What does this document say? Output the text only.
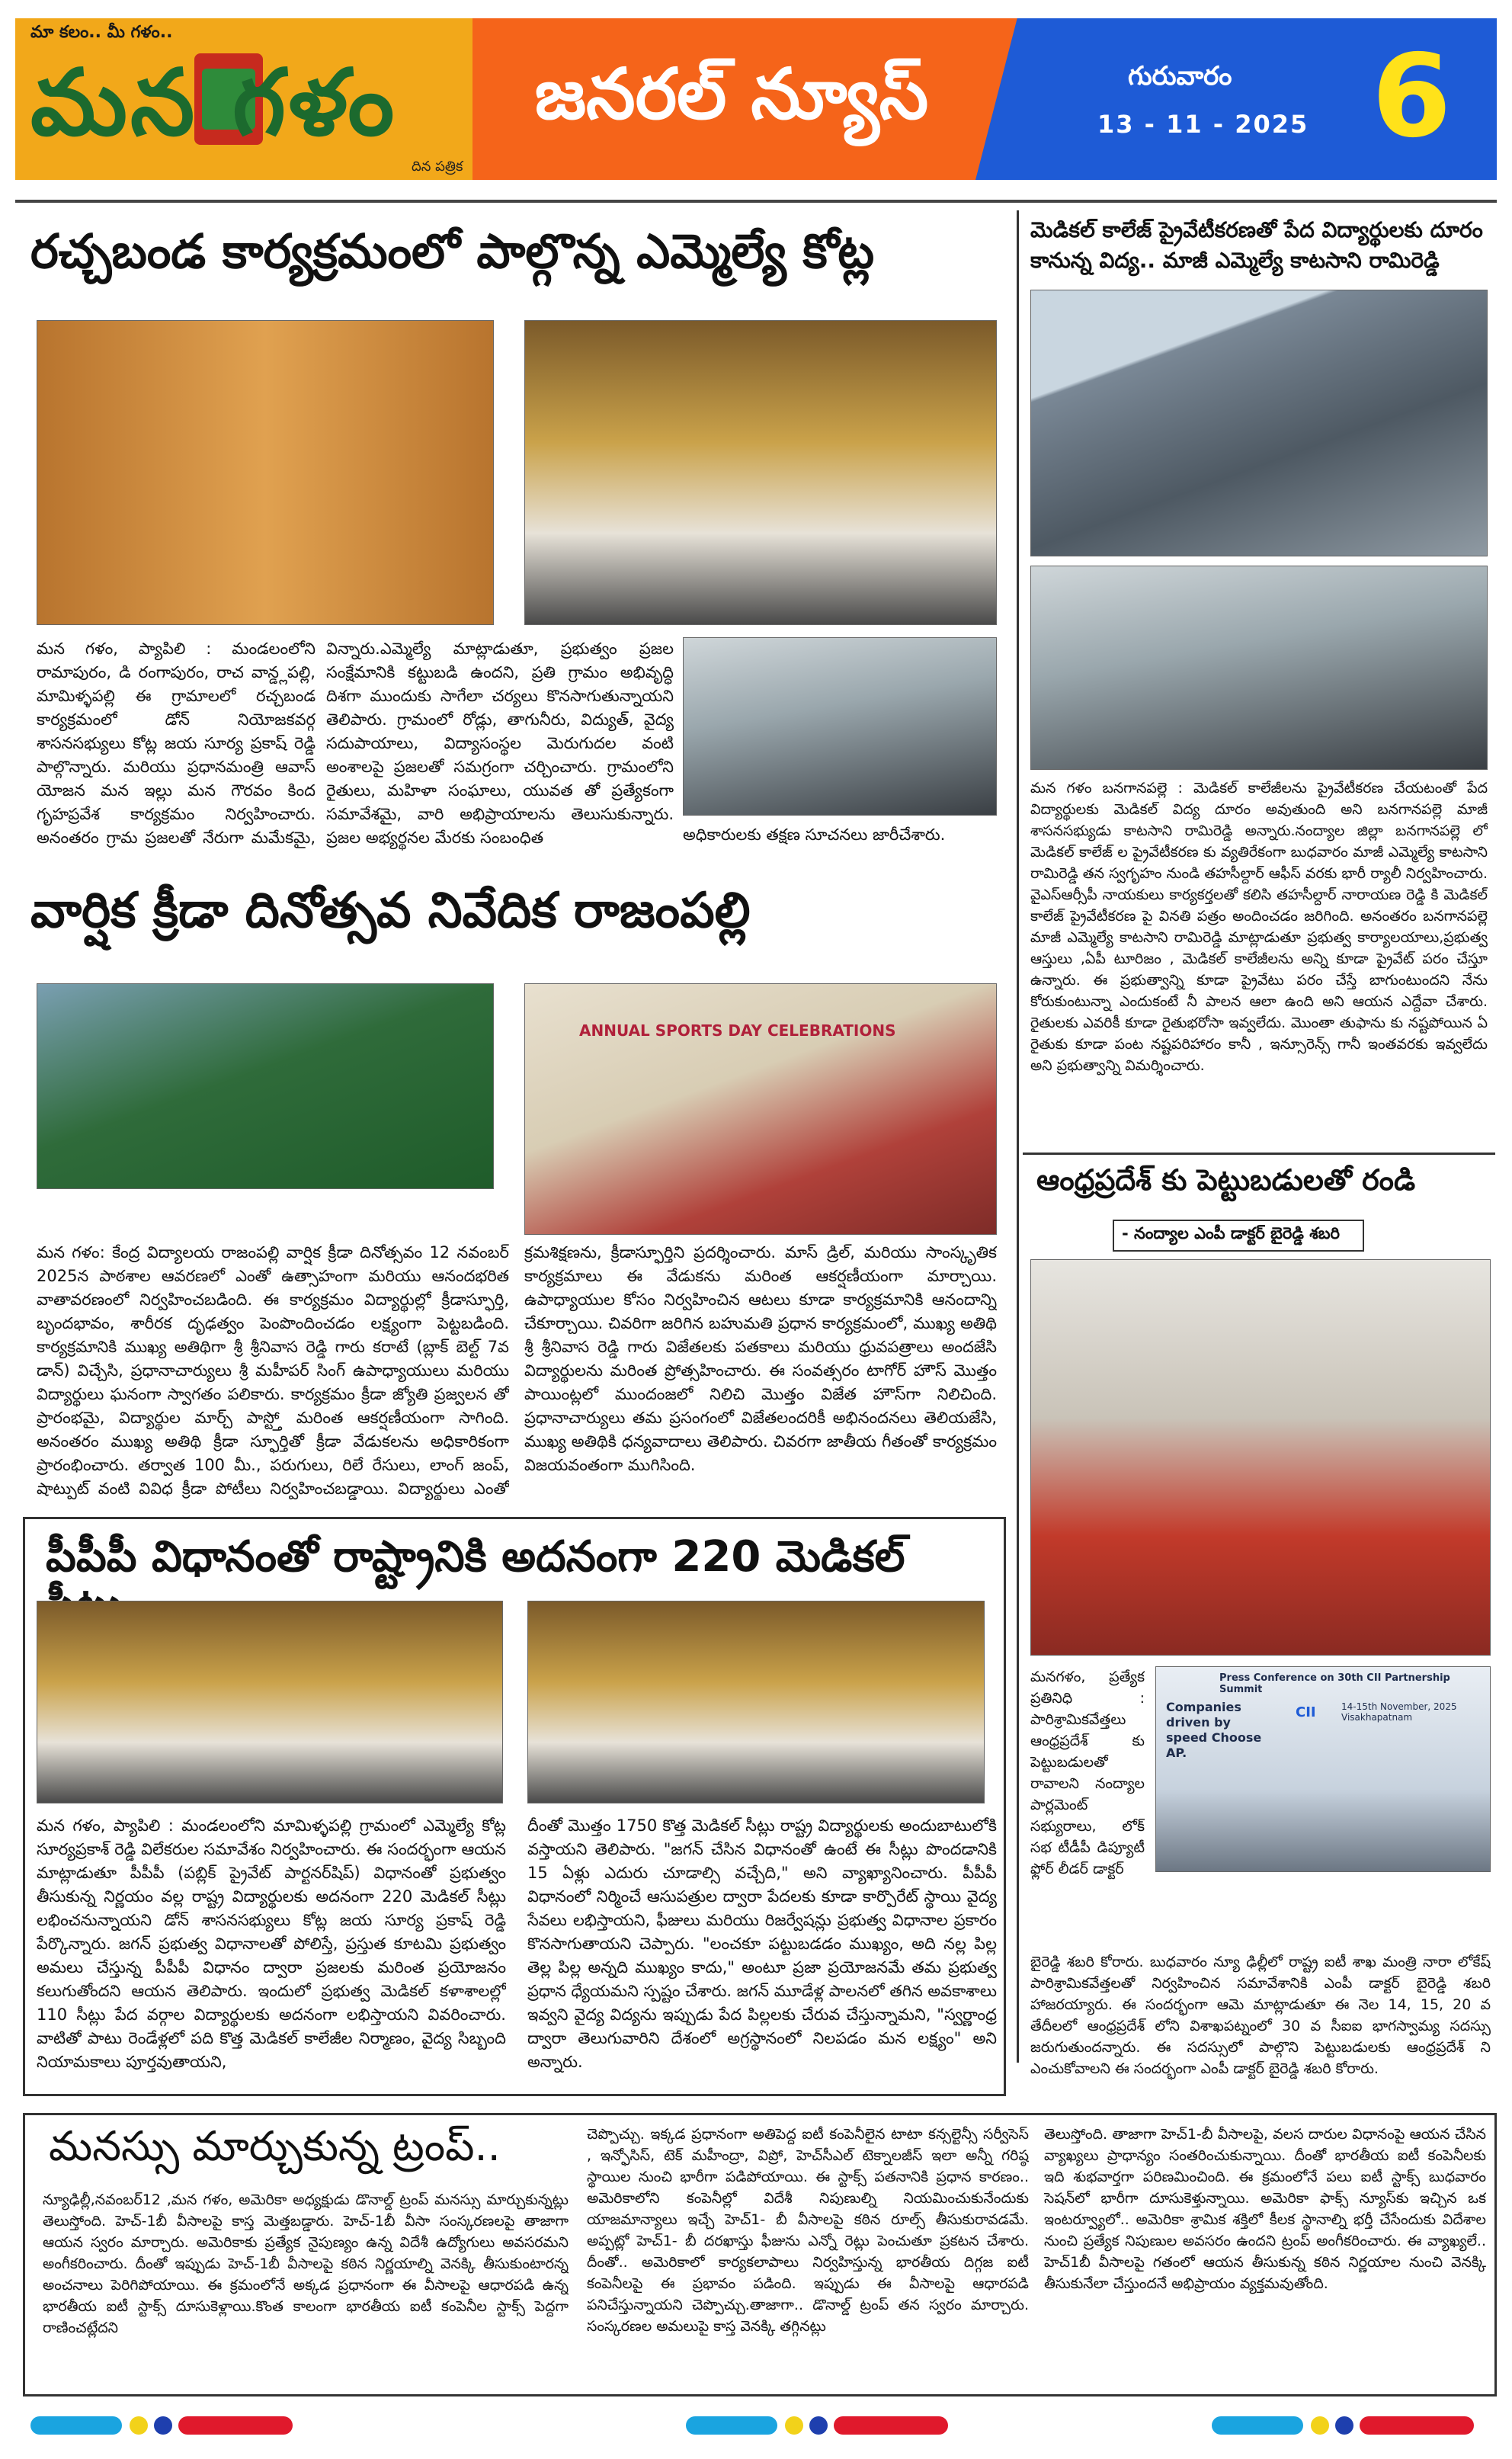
మా కలం.. మీ గళం..
మన గళం
దిన పత్రిక
జనరల్ న్యూస్	గురువారం
13 - 11 - 2025 6
రచ్చబండ కార్యక్రమంలో పాల్గొన్న ఎమ్మెల్యే కోట్ల
మన గళం, ప్యాపిలి : మండలంలోని రామాపురం, డి రంగాపురం, రాచ వాన్డ్లపల్లి, మామిళ్ళపల్లి ఈ గ్రామాలలో రచ్చబండ కార్యక్రమంలో డోన్ నియోజకవర్గ శాసనసభ్యులు కోట్ల జయ సూర్య ప్రకాష్ రెడ్డి పాల్గొన్నారు. మరియు ప్రధానమంత్రి ఆవాస్ యోజన మన ఇల్లు మన గౌరవం కింద గృహప్రవేశ కార్యక్రమం నిర్వహించారు. అనంతరం గ్రామ ప్రజలతో నేరుగా మమేకమై,
విన్నారు.ఎమ్మెల్యే మాట్లాడుతూ, ప్రభుత్వం ప్రజల సంక్షేమానికి కట్టుబడి ఉందని, ప్రతి గ్రామం అభివృద్ధి దిశగా ముందుకు సాగేలా చర్యలు కొనసాగుతున్నాయని తెలిపారు. గ్రామంలో రోడ్లు, తాగునీరు, విద్యుత్, వైద్య సదుపాయాలు, విద్యాసంస్థల మెరుగుదల వంటి అంశాలపై ప్రజలతో సమగ్రంగా చర్చించారు. గ్రామంలోని రైతులు, మహిళా సంఘాలు, యువత తో ప్రత్యేకంగా సమావేశమై, వారి అభిప్రాయాలను తెలుసుకున్నారు. ప్రజల అభ్యర్థనల మేరకు సంబంధిత	అధికారులకు తక్షణ సూచనలు జారీచేశారు.
వార్షిక క్రీడా దినోత్సవ నివేదిక రాజంపల్లి
ANNUAL SPORTS DAY CELEBRATIONS
మన గళం: కేంద్ర విద్యాలయ రాజంపల్లి వార్షిక క్రీడా దినోత్సవం 12 నవంబర్ 2025న పాఠశాల ఆవరణలో ఎంతో ఉత్సాహంగా మరియు ఆనందభరిత వాతావరణంలో నిర్వహించబడింది. ఈ కార్యక్రమం విద్యార్థుల్లో క్రీడాస్ఫూర్తి, బృందభావం, శారీరక దృఢత్వం పెంపొందించడం లక్ష్యంగా పెట్టబడింది. కార్యక్రమానికి ముఖ్య అతిథిగా శ్రీ శ్రీనివాస రెడ్డి గారు కరాటే (బ్లాక్ బెల్ట్ 7వ డాన్) విచ్చేసి, ప్రధానాచార్యులు శ్రీ మహీపర్ సింగ్ ఉపాధ్యాయులు మరియు విద్యార్థులు ఘనంగా స్వాగతం పలికారు. కార్యక్రమం క్రీడా జ్యోతి ప్రజ్వలన తో ప్రారంభమై, విద్యార్థుల మార్చ్ పాస్ట్తో మరింత ఆకర్షణీయంగా సాగింది. అనంతరం ముఖ్య అతిథి క్రీడా స్ఫూర్తితో క్రీడా వేడుకలను అధికారికంగా ప్రారంభించారు. తర్వాత 100 మీ., పరుగులు, రిలే రేసులు, లాంగ్ జంప్, షాట్పుట్ వంటి వివిధ క్రీడా పోటీలు నిర్వహించబడ్డాయి. విద్యార్థులు ఎంతో
క్రమశిక్షణను, క్రీడాస్ఫూర్తిని ప్రదర్శించారు. మాస్ డ్రిల్, మరియు సాంస్కృతిక కార్యక్రమాలు ఈ వేడుకను మరింత ఆకర్షణీయంగా మార్చాయి. ఉపాధ్యాయుల కోసం నిర్వహించిన ఆటలు కూడా కార్యక్రమానికి ఆనందాన్ని చేకూర్చాయి. చివరిగా జరిగిన బహుమతి ప్రధాన కార్యక్రమంలో, ముఖ్య అతిథి శ్రీ శ్రీనివాస రెడ్డి గారు విజేతలకు పతకాలు మరియు ధ్రువపత్రాలు అందజేసి విద్యార్థులను మరింత ప్రోత్సహించారు. ఈ సంవత్సరం టాగోర్ హౌస్ మొత్తం పాయింట్లలో ముందంజలో నిలిచి మొత్తం విజేత హౌస్‌గా నిలిచింది. ప్రధానాచార్యులు తమ ప్రసంగంలో విజేతలందరికీ అభినందనలు తెలియజేసి, ముఖ్య అతిథికి ధన్యవాదాలు తెలిపారు. చివరగా జాతీయ గీతంతో కార్యక్రమం విజయవంతంగా ముగిసింది.
పీపీపీ విధానంతో రాష్ట్రానికి అదనంగా 220 మెడికల్
మన గళం, ప్యాపిలి : మండలంలోని మామిళ్ళపల్లి గ్రామంలో ఎమ్మెల్యే కోట్ల సూర్యప్రకాశ్ రెడ్డి విలేకరుల సమావేశం నిర్వహించారు. ఈ సందర్భంగా ఆయన మాట్లాడుతూ పీపీపీ (పబ్లిక్ ప్రైవేట్ పార్టనర్‌షిప్) విధానంతో ప్రభుత్వం తీసుకున్న నిర్ణయం వల్ల రాష్ట్ర విద్యార్థులకు అదనంగా 220 మెడికల్ సీట్లు లభించనున్నాయని డోన్ శాసనసభ్యులు కోట్ల జయ సూర్య ప్రకాష్ రెడ్డి పేర్కొన్నారు. జగన్ ప్రభుత్వ విధానాలతో పోలిస్తే, ప్రస్తుత కూటమి ప్రభుత్వం అమలు చేస్తున్న పీపీపీ విధానం ద్వారా ప్రజలకు మరింత ప్రయోజనం కలుగుతోందని ఆయన తెలిపారు. ఇందులో ప్రభుత్వ మెడికల్ కళాశాలల్లో 110 సీట్లు పేద వర్గాల విద్యార్థులకు అదనంగా లభిస్తాయని వివరించారు. వాటితో పాటు రెండేళ్లలో పది కొత్త మెడికల్ కాలేజీల నిర్మాణం, వైద్య సిబ్బంది నియామకాలు పూర్తవుతాయని,
దీంతో మొత్తం 1750 కొత్త మెడికల్ సీట్లు రాష్ట్ర విద్యార్థులకు అందుబాటులోకి వస్తాయని తెలిపారు. "జగన్ చేసిన విధానంతో ఉంటే ఈ సీట్లు పొందడానికి 15 ఏళ్లు ఎదురు చూడాల్సి వచ్చేది," అని వ్యాఖ్యానించారు. పీపీపీ విధానంలో నిర్మించే ఆసుపత్రుల ద్వారా పేదలకు కూడా కార్పొరేట్ స్థాయి వైద్య సేవలు లభిస్తాయని, ఫీజులు మరియు రిజర్వేషన్లు ప్రభుత్వ విధానాల ప్రకారం కొనసాగుతాయని చెప్పారు. "లంచకూ పట్టుబడడం ముఖ్యం, అది నల్ల పిల్ల తెల్ల పిల్ల అన్నది ముఖ్యం కాదు," అంటూ ప్రజా ప్రయోజనమే తమ ప్రభుత్వ ప్రధాన ధ్యేయమని స్పష్టం చేశారు. జగన్ మూడేళ్ల పాలనలో తగిన అవకాశాలు ఇవ్వని వైద్య విద్యను ఇప్పుడు పేద పిల్లలకు చేరువ చేస్తున్నామని, "స్వర్ణాంధ్ర ద్వారా తెలుగువారిని దేశంలో అగ్రస్థానంలో నిలపడం మన లక్ష్యం" అని అన్నారు.
మెడికల్ కాలేజ్ ప్రైవేటీకరణతో పేద విద్యార్థులకు దూరం కానున్న విద్య.. మాజీ ఎమ్మెల్యే కాటసాని రామిరెడ్డి
మన గళం బనగానపల్లె : మెడికల్ కాలేజీలను ప్రైవేటీకరణ చేయటంతో పేద విద్యార్థులకు మెడికల్ విద్య దూరం అవుతుంది అని బనగానపల్లె మాజీ శాసనసభ్యుడు కాటసాని రామిరెడ్డి అన్నారు.నంద్యాల జిల్లా బనగానపల్లె లో మెడికల్ కాలేజ్ ల ప్రైవేటీకరణ కు వ్యతిరేకంగా బుధవారం మాజీ ఎమ్మెల్యే కాటసాని రామిరెడ్డి తన స్వగృహం నుండి తహసీల్దార్ ఆఫీస్ వరకు భారీ ర్యాలీ నిర్వహించారు. వైఎస్ఆర్సీపీ నాయకులు కార్యకర్తలతో కలిసి తహసీల్దార్ నారాయణ రెడ్డి కి మెడికల్ కాలేజ్ ప్రైవేటీకరణ పై వినతి పత్రం అందించడం జరిగింది. అనంతరం బనగానపల్లె మాజీ ఎమ్మెల్యే కాటసాని రామిరెడ్డి మాట్లాడుతూ ప్రభుత్వ కార్యాలయాలు,ప్రభుత్వ ఆస్తులు ,ఏపీ టూరిజం , మెడికల్ కాలేజీలను అన్ని కూడా ప్రైవేట్ పరం చేస్తూ ఉన్నారు. ఈ ప్రభుత్వాన్ని కూడా ప్రైవేటు పరం చేస్తే బాగుంటుందని నేను కోరుకుంటున్నా ఎందుకంటే నీ పాలన ఆలా ఉంది అని ఆయన ఎద్దేవా చేశారు. రైతులకు ఎవరికీ కూడా రైతుభరోసా ఇవ్వలేదు. మొంతా తుఫాను కు నష్టపోయిన ఏ రైతుకు కూడా పంట నష్టపరిహారం కానీ , ఇన్సూరెన్స్ గానీ ఇంతవరకు ఇవ్వలేదు అని ప్రభుత్వాన్ని విమర్శించారు.
ఆంధ్రప్రదేశ్ కు పెట్టుబడులతో రండి
- నంద్యాల ఎంపీ డాక్టర్ బైరెడ్డి శబరి
మనగళం, ప్రత్యేక ప్రతినిధి : పారిశ్రామికవేత్తలు ఆంధ్రప్రదేశ్ కు పెట్టుబడులతో రావాలని నంద్యాల పార్లమెంట్ సభ్యురాలు, లోక్ సభ టీడీపీ డిప్యూటీ ఫ్లోర్ లీడర్ డాక్టర్
Press Conference on 30th CII Partnership Summit
Companies driven by speed Choose AP.
CII	14-15th November, 2025 Visakhapatnam
బైరెడ్డి శబరి కోరారు. బుధవారం న్యూ ఢిల్లీలో రాష్ట్ర ఐటీ శాఖ మంత్రి నారా లోకేష్ పారిశ్రామికవేత్తలతో నిర్వహించిన సమావేశానికి ఎంపీ డాక్టర్ బైరెడ్డి శబరి హాజరయ్యారు. ఈ సందర్భంగా ఆమె మాట్లాడుతూ ఈ నెల 14, 15, 20 వ తేదీలలో ఆంధ్రప్రదేశ్ లోని విశాఖపట్నంలో 30 వ సీఐఐ భాగస్వామ్య సదస్సు జరుగుతుందన్నారు. ఈ సదస్సులో పాల్గొని పెట్టుబడులకు ఆంధ్రప్రదేశ్ ని ఎంచుకోవాలని ఈ సందర్భంగా ఎంపీ డాక్టర్ బైరెడ్డి శబరి కోరారు.
మనస్సు మార్చుకున్న ట్రంప్..
న్యూఢిల్లీ,నవంబర్12 ,మన గళం, అమెరికా అధ్యక్షుడు డొనాల్డ్ ట్రంప్ మనస్సు మార్చుకున్నట్లు తెలుస్తోంది. హెచ్-1బీ వీసాలపై కాస్త మెత్తబడ్డారు. హెచ్-1బీ వీసా సంస్కరణలపై తాజాగా ఆయన స్వరం మార్చారు. అమెరికాకు ప్రత్యేక నైపుణ్యం ఉన్న విదేశీ ఉద్యోగులు అవసరమని అంగీకరించారు. దీంతో ఇప్పుడు హెచ్-1బీ వీసాలపై కఠిన నిర్ణయాల్ని వెనక్కి తీసుకుంటారన్న అంచనాలు పెరిగిపోయాయి. ఈ క్రమంలోనే అక్కడ ప్రధానంగా ఈ వీసాలపై ఆధారపడి ఉన్న భారతీయ ఐటీ స్టాక్స్ దూసుకెళ్లాయి.కొంత కాలంగా భారతీయ ఐటీ కంపెనీల స్టాక్స్ పెద్దగా రాణించట్లేదని
చెప్పొచ్చు. ఇక్కడ ప్రధానంగా అతిపెద్ద ఐటీ కంపెనీలైన టాటా కన్సల్టెన్సీ సర్వీసెస్ , ఇన్ఫోసిస్, టెక్ మహీంద్రా, విప్రో, హెచ్‌సీఎల్ టెక్నాలజీస్ ఇలా అన్నీ గరిష్ఠ స్థాయిల నుంచి భారీగా పడిపోయాయి. ఈ స్టాక్స్ పతనానికి ప్రధాన కారణం.. అమెరికాలోని కంపెనీల్లో విదేశీ నిపుణుల్ని నియమించుకునేందుకు యాజమాన్యాలు ఇచ్చే హెచ్1- బీ వీసాలపై కఠిన రూల్స్ తీసుకురావడమే. అప్పట్లో హెచ్1- బీ దరఖాస్తు ఫీజును ఎన్నో రెట్లు పెంచుతూ ప్రకటన చేశారు. దీంతో.. అమెరికాలో కార్యకలాపాలు నిర్వహిస్తున్న భారతీయ దిగ్గజ ఐటీ కంపెనీలపై ఈ ప్రభావం పడింది. ఇప్పుడు ఈ వీసాలపై ఆధారపడి పనిచేస్తున్నాయని చెప్పొచ్చు.తాజాగా.. డొనాల్డ్ ట్రంప్ తన స్వరం మార్చారు. సంస్కరణల అమలుపై కాస్త వెనక్కి తగ్గినట్లు
తెలుస్తోంది. తాజాగా హెచ్1-బీ వీసాలపై, వలస దారుల విధానంపై ఆయన చేసిన వ్యాఖ్యలు ప్రాధాన్యం సంతరించుకున్నాయి. దీంతో భారతీయ ఐటీ కంపెనీలకు ఇది శుభవార్తగా పరిణమించింది. ఈ క్రమంలోనే పలు ఐటీ స్టాక్స్ బుధవారం సెషన్‌లో భారీగా దూసుకెళ్తున్నాయి. అమెరికా ఫాక్స్ న్యూస్‌కు ఇచ్చిన ఒక ఇంటర్వ్యూలో.. అమెరికా శ్రామిక శక్తిలో కీలక స్థానాల్ని భర్తీ చేసేందుకు విదేశాల నుంచి ప్రత్యేక నిపుణుల అవసరం ఉందని ట్రంప్ అంగీకరించారు. ఈ వ్యాఖ్యలే.. హెచ్1బీ వీసాలపై గతంలో ఆయన తీసుకున్న కఠిన నిర్ణయాల నుంచి వెనక్కి తీసుకునేలా చేస్తుందనే అభిప్రాయం వ్యక్తమవుతోంది.
